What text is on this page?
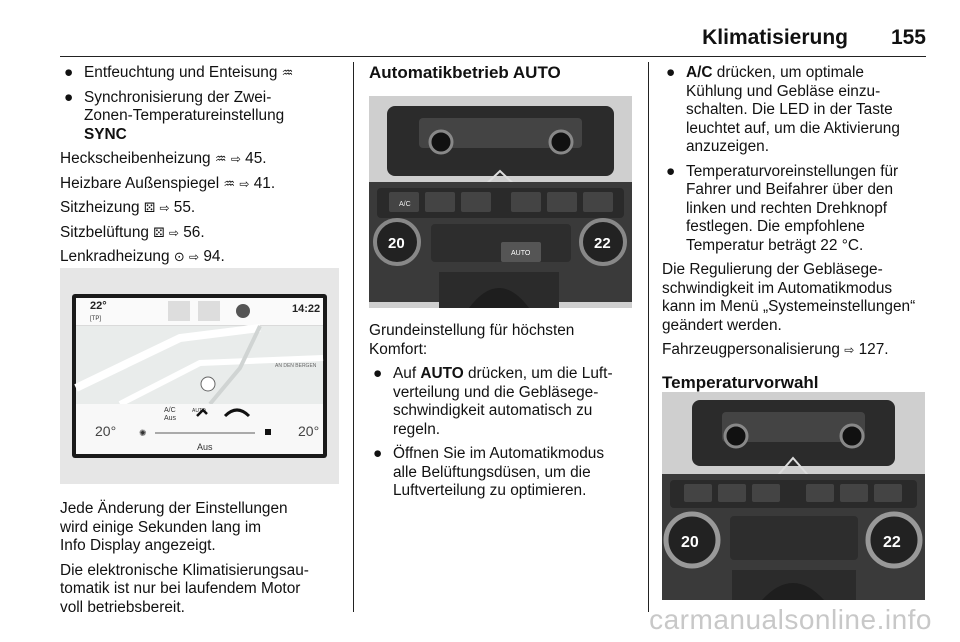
Klimatisierung 155
● Entfeuchtung und Enteisung ♒
● Synchronisierung der Zwei-
Zonen-Temperatureinstellung
SYNC

Heckscheibenheizung ♒ ⇨ 45.

Heizbare Außenspiegel ♒ ⇨ 41.

Sitzheizung ⚄ ⇨ 55.

Sitzbelüftung ⚄ ⇨ 56.

Lenkradheizung ⊙ ⇨ 94.

22°
[TP]
14:22
AN DEN BERGEN
A/C
Aus
AUTO
20°	20°
✺
Aus

Jede Änderung der Einstellungen
wird einige Sekunden lang im
Info Display angezeigt.

Die elektronische Klimatisierungsau-
tomatik ist nur bei laufendem Motor
voll betriebsbereit.

Automatikbetrieb AUTO
A/C
20	22
AUTO

Grundeinstellung für höchsten
Komfort:

● Auf AUTO drücken, um die Luft-
verteilung und die Gebläsege-
schwindigkeit automatisch zu
regeln.
● Öffnen Sie im Automatikmodus
alle Belüftungsdüsen, um die
Luftverteilung zu optimieren.
● A/C drücken, um optimale
Kühlung und Gebläse einzu-
schalten. Die LED in der Taste
leuchtet auf, um die Aktivierung
anzuzeigen.
● Temperaturvoreinstellungen für
Fahrer und Beifahrer über den
linken und rechten Drehknopf
festlegen. Die empfohlene
Temperatur beträgt 22 °C.

Die Regulierung der Gebläsege-
schwindigkeit im Automatikmodus
kann im Menü „Systemeinstellungen“
geändert werden.

Fahrzeugpersonalisierung ⇨ 127.

Temperaturvorwahl
20	22
carmanualsonline.info
